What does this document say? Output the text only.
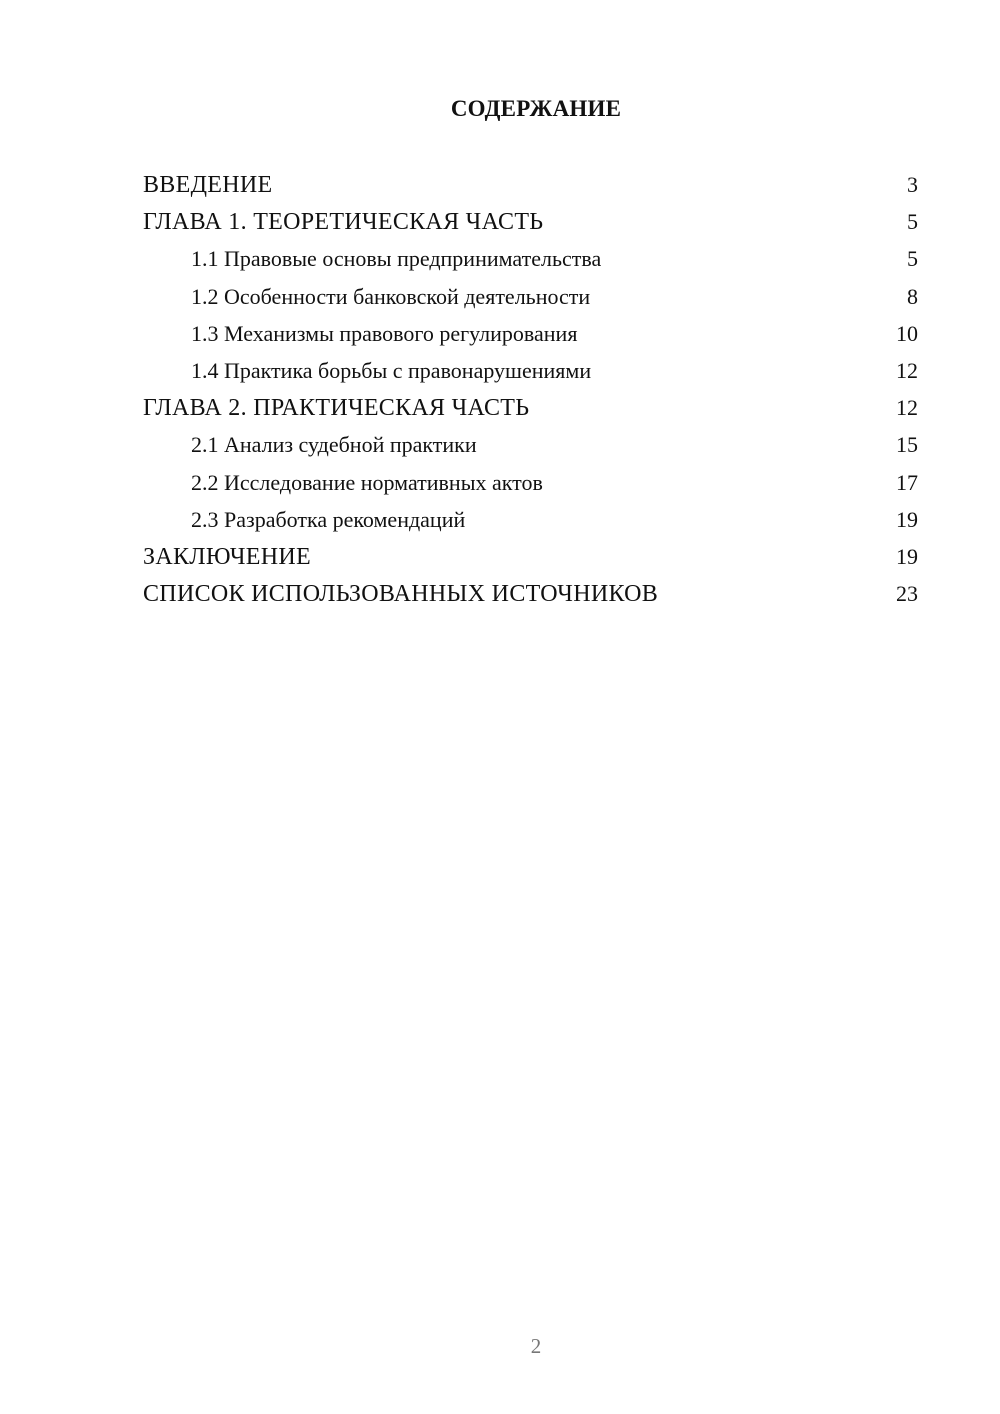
СОДЕРЖАНИЕ
ВВЕДЕНИЕ	3
ГЛАВА 1. ТЕОРЕТИЧЕСКАЯ ЧАСТЬ	5
1.1 Правовые основы предпринимательства	5
1.2 Особенности банковской деятельности	8
1.3 Механизмы правового регулирования	10
1.4 Практика борьбы с правонарушениями	12
ГЛАВА 2. ПРАКТИЧЕСКАЯ ЧАСТЬ	12
2.1 Анализ судебной практики	15
2.2 Исследование нормативных актов	17
2.3 Разработка рекомендаций	19
ЗАКЛЮЧЕНИЕ	19
СПИСОК ИСПОЛЬЗОВАННЫХ ИСТОЧНИКОВ	23
2
